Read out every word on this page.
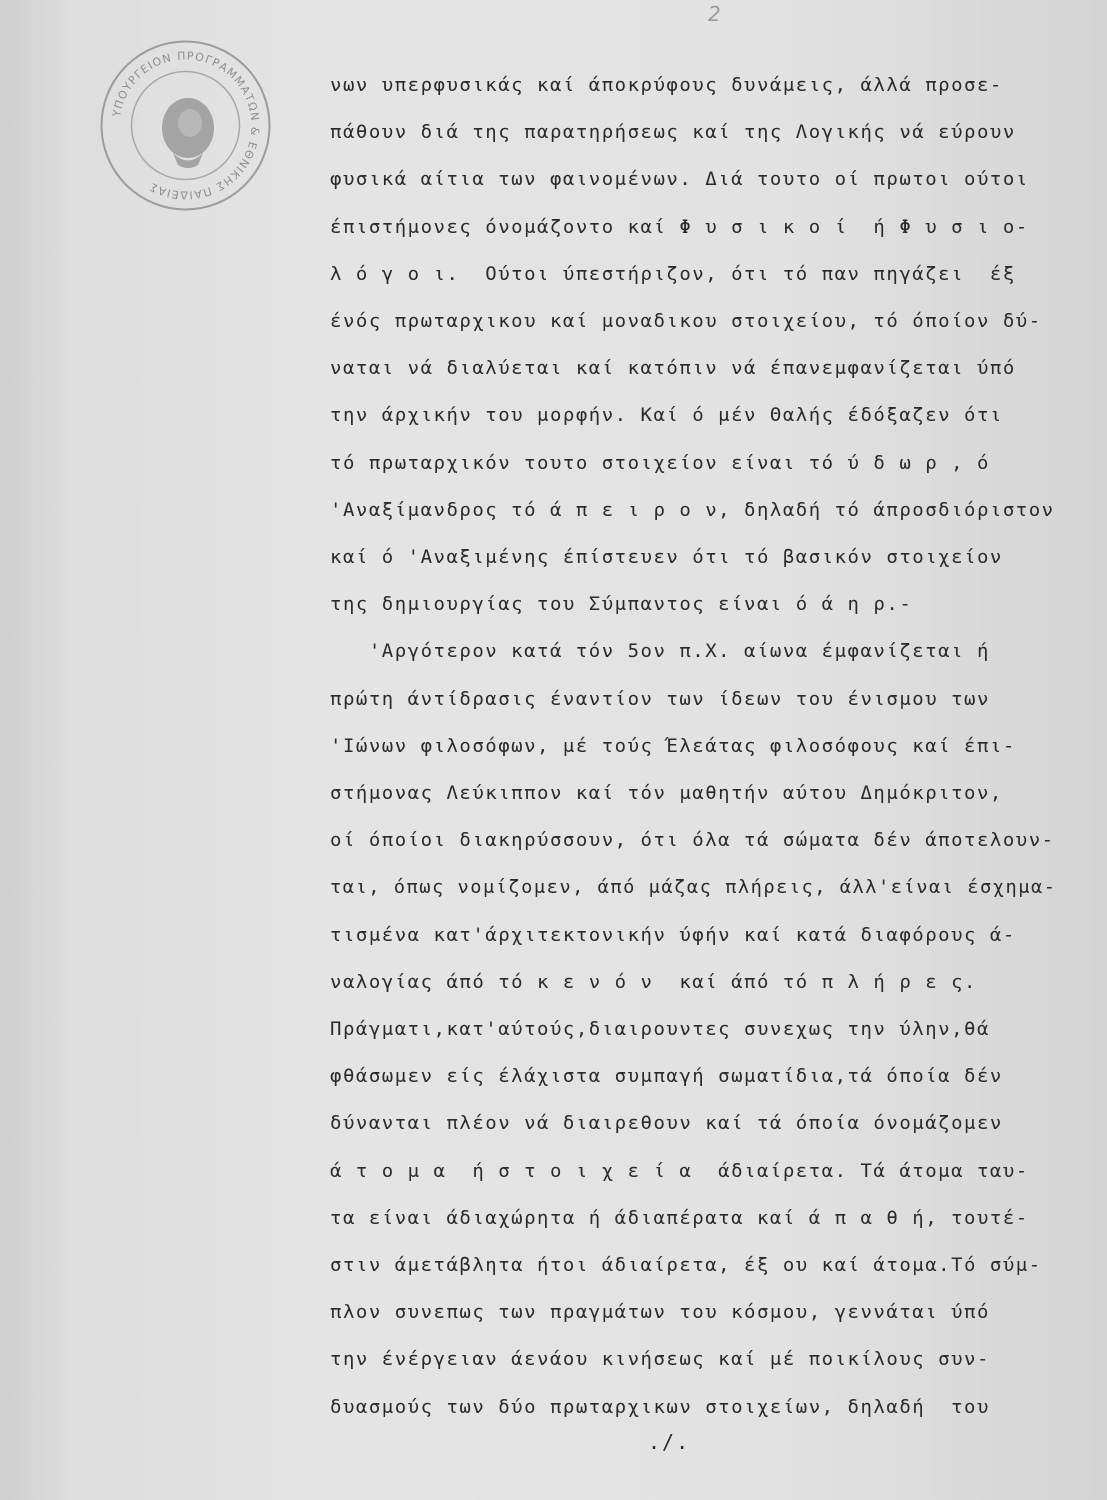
2
ΥΠΟΥΡΓΕΙΟΝ ΠΡΟΓΡΑΜΜΑΤΩΝ & ΕΘΝΙΚΗΣ ΠΑΙΔΕΙΑΣ
νων υπερφυσικάς καί άποκρύφους δυνάμεις, άλλά προσε-
πάθουν διά της παρατηρήσεως καί της Λογικής νά εύρουν
φυσικά αίτια των φαινομένων. Διά τουτο οί πρωτοι ούτοι
έπιστήμονες όνομάζοντο καί Φ υ σ ι κ ο ί  ή Φ υ σ ι ο-
λ ό γ ο ι.  Ούτοι ύπεστήριζον, ότι τό παν πηγάζει  έξ
ένός πρωταρχικου καί μοναδικου στοιχείου, τό όποίον δύ-
ναται νά διαλύεται καί κατόπιν νά έπανεμφανίζεται ύπό
την άρχικήν του μορφήν. Καί ό μέν Θαλής έδόξαζεν ότι
τό πρωταρχικόν τουτο στοιχείον είναι τό ύ δ ω ρ , ό
'Αναξίμανδρος τό ά π ε ι ρ ο ν, δηλαδή τό άπροσδιόριστον
καί ό 'Αναξιμένης έπίστευεν ότι τό βασικόν στοιχείον
της δημιουργίας του Σύμπαντος είναι ό ά η ρ.-
'Αργότερον κατά τόν 5ον π.Χ. αίωνα έμφανίζεται ή
πρώτη άντίδρασις έναντίον των ίδεων του ένισμου των
'Ιώνων φιλοσόφων, μέ τούς Έλεάτας φιλοσόφους καί έπι-
στήμονας Λεύκιππον καί τόν μαθητήν αύτου Δημόκριτον,
οί όποίοι διακηρύσσουν, ότι όλα τά σώματα δέν άποτελουν-
ται, όπως νομίζομεν, άπό μάζας πλήρεις, άλλ'είναι έσχημα-
τισμένα κατ'άρχιτεκτονικήν ύφήν καί κατά διαφόρους ά-
ναλογίας άπό τό κ ε ν ό ν  καί άπό τό π λ ή ρ ε ς.
Πράγματι,κατ'αύτούς,διαιρουντες συνεχως την ύλην,θά
φθάσωμεν είς έλάχιστα συμπαγή σωματίδια,τά όποία δέν
δύνανται πλέον νά διαιρεθουν καί τά όποία όνομάζομεν
ά τ ο μ α  ή σ τ ο ι χ ε ί α  άδιαίρετα. Τά άτομα ταυ-
τα είναι άδιαχώρητα ή άδιαπέρατα καί ά π α θ ή, τουτέ-
στιν άμετάβλητα ήτοι άδιαίρετα, έξ ου καί άτομα.Τό σύμ-
πλον συνεπως των πραγμάτων του κόσμου, γεννάται ύπό
την ένέργειαν άενάου κινήσεως καί μέ ποικίλους συν-
δυασμούς των δύο πρωταρχικων στοιχείων, δηλαδή  του
./.
